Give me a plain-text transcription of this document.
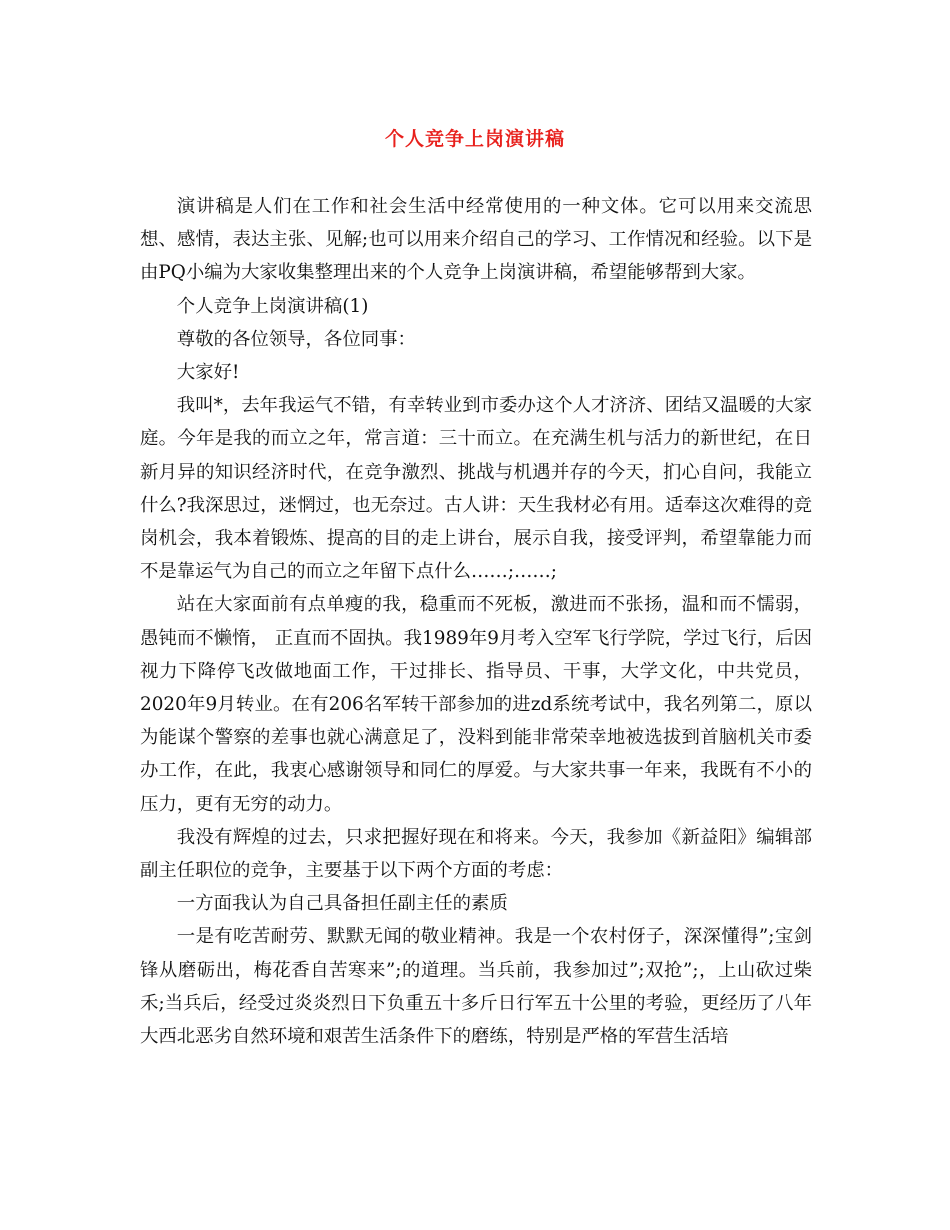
个人竞争上岗演讲稿

演讲稿是人们在工作和社会生活中经常使用的一种文体。它可以用来交流思想、感情，表达主张、见解;也可以用来介绍自己的学习、工作情况和经验。以下是由PQ小编为大家收集整理出来的个人竞争上岗演讲稿，希望能够帮到大家。

个人竞争上岗演讲稿(1)

尊敬的各位领导，各位同事：

大家好!

我叫*，去年我运气不错，有幸转业到市委办这个人才济济、团结又温暖的大家庭。今年是我的而立之年，常言道：三十而立。在充满生机与活力的新世纪，在日新月异的知识经济时代，在竞争激烈、挑战与机遇并存的今天，扪心自问，我能立什么?我深思过，迷惘过，也无奈过。古人讲：天生我材必有用。适奉这次难得的竞岗机会，我本着锻炼、提高的目的走上讲台，展示自我，接受评判，希望靠能力而不是靠运气为自己的而立之年留下点什么……;……;

站在大家面前有点单瘦的我，稳重而不死板，激进而不张扬，温和而不懦弱，愚钝而不懒惰， 正直而不固执。我1989年9月考入空军飞行学院，学过飞行，后因视力下降停飞改做地面工作，干过排长、指导员、干事，大学文化，中共党员，2020年9月转业。在有206名军转干部参加的进zd系统考试中，我名列第二，原以为能谋个警察的差事也就心满意足了，没料到能非常荣幸地被选拔到首脑机关市委办工作，在此，我衷心感谢领导和同仁的厚爱。与大家共事一年来，我既有不小的压力，更有无穷的动力。

我没有辉煌的过去，只求把握好现在和将来。今天，我参加《新益阳》编辑部副主任职位的竞争，主要基于以下两个方面的考虑：

一方面我认为自己具备担任副主任的素质

一是有吃苦耐劳、默默无闻的敬业精神。我是一个农村伢子，深深懂得”;宝剑锋从磨砺出，梅花香自苦寒来”;的道理。当兵前，我参加过”;双抢”;，上山砍过柴禾;当兵后，经受过炎炎烈日下负重五十多斤日行军五十公里的考验，更经历了八年大西北恶劣自然环境和艰苦生活条件下的磨练，特别是严格的军营生活培
